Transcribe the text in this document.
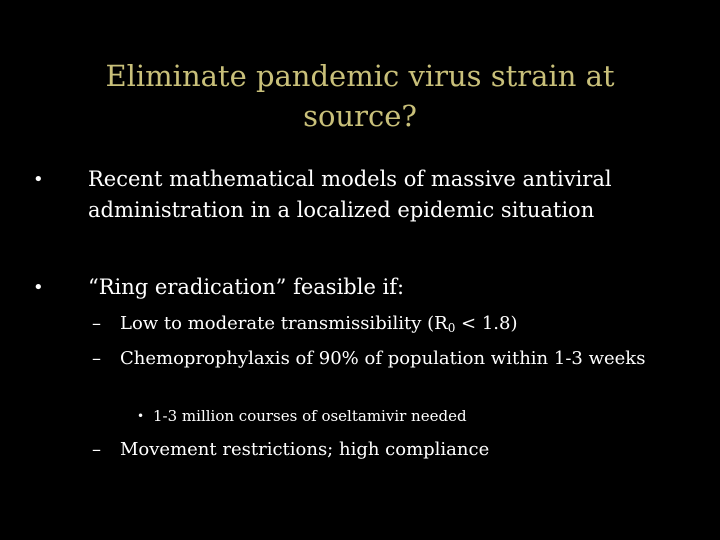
Eliminate pandemic virus strain at source?
• Recent mathematical models of massive antiviral administration in a localized epidemic situation
• “Ring eradication” feasible if:
– Low to moderate transmissibility $(R_0 < 1.8)$
– Chemoprophylaxis of 90% of population within 1-3 weeks
• 1-3 million courses of oseltamivir needed
– Movement restrictions; high compliance
